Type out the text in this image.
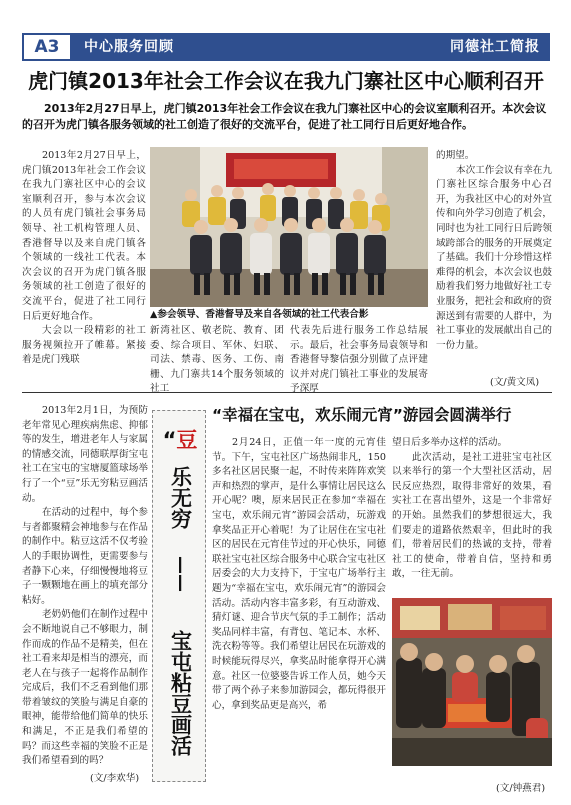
A3	中心服务回顾	同德社工简报
虎门镇2013年社会工作会议在我九门寨社区中心顺利召开
2013年2月27日早上，虎门镇2013年社会工作会议在我九门寨社区中心的会议室顺利召开。本次会议的召开为虎门镇各服务领域的社工创造了很好的交流平台，促进了社工同行日后更好地合作。

2013年2月27日早上，虎门镇2013年社会工作会议在我九门寨社区中心的会议室顺利召开，参与本次会议的人员有虎门镇社会事务局领导、社工机构管理人员、香港督导以及来自虎门镇各个领域的一线社工代表。本次会议的召开为虎门镇各服务领域的社工创造了很好的交流平台，促进了社工同行日后更好地合作。

大会以一段精彩的社工服务视频拉开了帷幕。紧接着是虎门残联

▲参会领导、香港督导及来自各领域的社工代表合影

新湾社区、敬老院、教育、团委、综合项目、军休、妇联、司法、禁毒、医务、工伤、南栅、九门寨共14个服务领域的社工

代表先后进行服务工作总结展示。最后，社会事务局袁领导和香港督导黎信强分别做了点评建议并对虎门镇社工事业的发展寄予深厚

的期望。

本次工作会议有幸在九门寨社区综合服务中心召开，为我社区中心的对外宣传和向外学习创造了机会，同时也为社工同行日后跨领域跨部合的服务的开展奠定了基础。我们十分珍惜这样难得的机会，本次会议也鼓励着我们努力地做好社工专业服务，把社会和政府的资源送到有需要的人群中，为社工事业的发展献出自己的一份力量。

(文/黄文凤)

2013年2月1日，为预防老年常见心理疾病焦虑、抑郁等的发生，增进老年人与家属的情感交流，同德联厚街宝屯社工在宝屯的宝塘厦篮球场举行了一个“豆”乐无穷粘豆画活动。

在活动的过程中，每个参与者都聚精会神地参与在作品的制作中。粘豆这活不仅考验人的手眼协调性，更需要参与者静下心来，仔细慢慢地将豆子一颗颗地在画上的填充部分粘好。

老奶奶他们在制作过程中会不断地说自己不够眼力，制作而成的作品不是精美，但在社工看来却是相当的漂亮，而老人在与孩子一起将作品制作完成后，我们不乏看到他们那带着皱纹的笑脸与满足自豪的眼神，能带给他们简单的快乐和满足，不正是我们希望的吗？而这些幸福的笑脸不正是我们希望看到的吗？

(文/李欢华)
“豆
乐无穷
——
宝屯粘豆画活
“幸福在宝屯，欢乐闹元宵”游园会圆满举行

2月24日，正值一年一度的元宵佳节。下午，宝屯社区广场热闹非凡，150多名社区居民聚一起，不时传来阵阵欢笑声和热烈的掌声，是什么事情让居民这么开心呢？噢，原来居民正在参加“幸福在宝屯，欢乐闹元宵”游园会活动，玩游戏拿奖品正开心着呢！为了让居住在宝屯社区的居民在元宵佳节过的开心快乐，同德联社宝屯社区综合服务中心联合宝屯社区居委会的大力支持下，于宝屯广场举行主题为“幸福在宝屯，欢乐闹元宵”的游园会活动。活动内容丰富多彩，有互动游戏、猜灯谜、迎合节庆气氛的手工制作；活动奖品同样丰富，有背包、笔记本、水杯、洗衣粉等等。我们希望让居民在玩游戏的时候能玩得尽兴，拿奖品时能拿得开心满意。社区一位婆婆告诉工作人员，她今天带了两个孙子来参加游园会，都玩得很开心，拿到奖品更是高兴，希

望日后多举办这样的活动。

此次活动，是社工进驻宝屯社区以来举行的第一个大型社区活动，居民反应热烈，取得非常好的效果，看实社工在喜出望外，这是一个非常好的开始。虽然我们的梦想很远大，我们要走的道路依然艰辛，但此时的我们，带着居民们的热诚的支持，带着社工的使命，带着自信，坚持和勇敢，一往无前。

(文/钟燕君)
